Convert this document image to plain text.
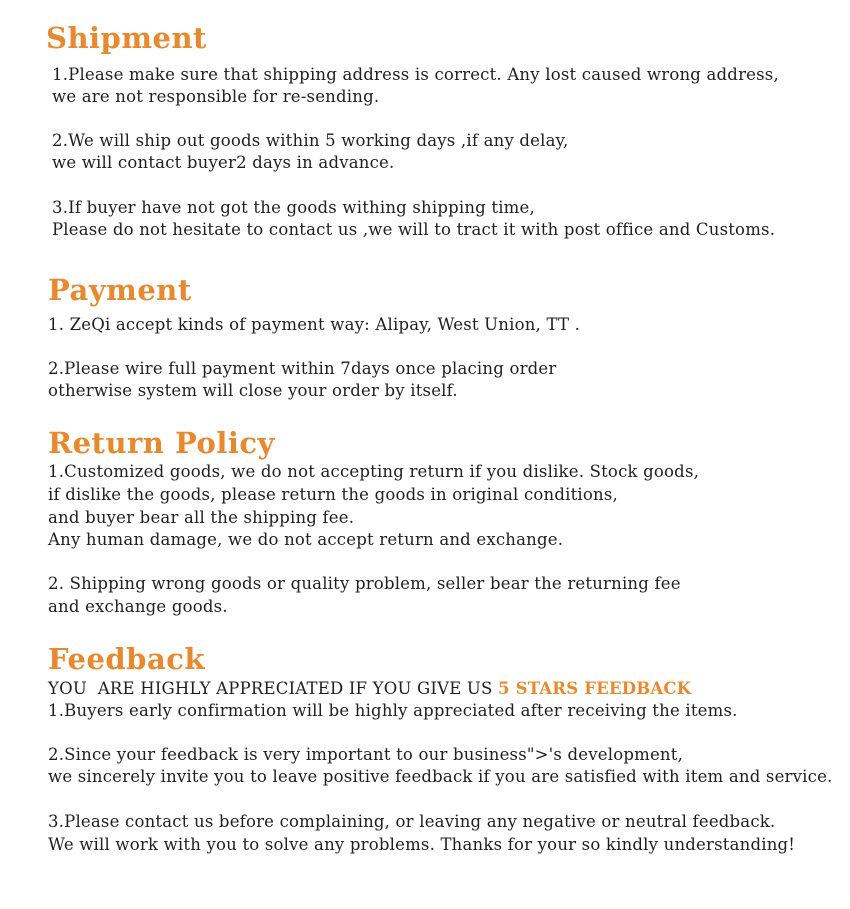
Shipment

1.Please make sure that shipping address is correct. Any lost caused wrong address,

we are not responsible for re-sending.

2.We will ship out goods within 5 working days ,if any delay,

we will contact buyer2 days in advance.

3.If buyer have not got the goods withing shipping time,

Please do not hesitate to contact us ,we will to tract it with post office and Customs.

Payment

1. ZeQi accept kinds of payment way: Alipay, West Union, TT .

2.Please wire full payment within 7days once placing order

otherwise system will close your order by itself.

Return Policy

1.Customized goods, we do not accepting return if you dislike. Stock goods,

if dislike the goods, please return the goods in original conditions,

and buyer bear all the shipping fee.

Any human damage, we do not accept return and exchange.

2. Shipping wrong goods or quality problem, seller bear the returning fee

and exchange goods.

Feedback

YOU  ARE HIGHLY APPRECIATED IF YOU GIVE US 5 STARS FEEDBACK

1.Buyers early confirmation will be highly appreciated after receiving the items.

2.Since your feedback is very important to our business">'s development,

we sincerely invite you to leave positive feedback if you are satisfied with item and service.

3.Please contact us before complaining, or leaving any negative or neutral feedback.

We will work with you to solve any problems. Thanks for your so kindly understanding!
